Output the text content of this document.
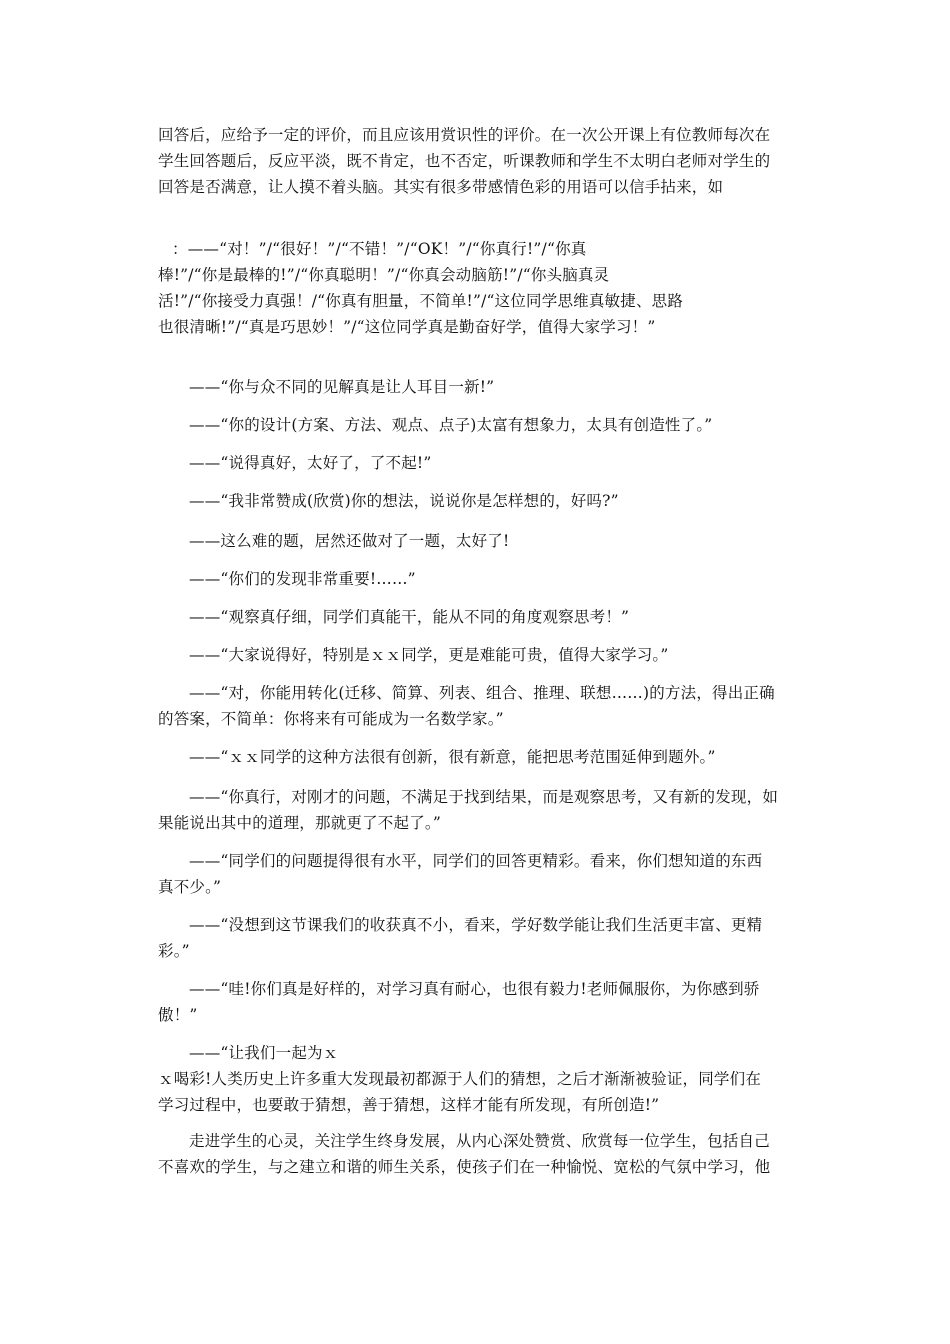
回答后，应给予一定的评价，而且应该用赏识性的评价。在一次公开课上有位教师每次在
学生回答题后，反应平淡，既不肯定，也不否定，听课教师和学生不太明白老师对学生的
回答是否满意，让人摸不着头脑。其实有很多带感情色彩的用语可以信手拈来，如
：——“对！”/“很好！”/“不错！”/“OK！”/“你真行!”/“你真
棒!”/“你是最棒的!”/“你真聪明！”/“你真会动脑筋!”/“你头脑真灵
活!”/“你接受力真强！/“你真有胆量，不简单!”/“这位同学思维真敏捷、思路
也很清晰!”/“真是巧思妙！”/“这位同学真是勤奋好学，值得大家学习！”
——“你与众不同的见解真是让人耳目一新!”
——“你的设计(方案、方法、观点、点子)太富有想象力，太具有创造性了。”
——“说得真好，太好了，了不起!”
——“我非常赞成(欣赏)你的想法，说说你是怎样想的，好吗?”
——这么难的题，居然还做对了一题，太好了!
——“你们的发现非常重要!……”
——“观察真仔细，同学们真能干，能从不同的角度观察思考！”
——“大家说得好，特别是ｘｘ同学，更是难能可贵，值得大家学习。”
——“对，你能用转化(迁移、简算、列表、组合、推理、联想……)的方法，得出正确
的答案，不简单：你将来有可能成为一名数学家。”
——“ｘｘ同学的这种方法很有创新，很有新意，能把思考范围延伸到题外。”
——“你真行，对刚才的问题，不满足于找到结果，而是观察思考，又有新的发现，如
果能说出其中的道理，那就更了不起了。”
——“同学们的问题提得很有水平，同学们的回答更精彩。看来，你们想知道的东西
真不少。”
——“没想到这节课我们的收获真不小，看来，学好数学能让我们生活更丰富、更精
彩。”
——“哇!你们真是好样的，对学习真有耐心，也很有毅力!老师佩服你，为你感到骄
傲！”
——“让我们一起为ｘ
ｘ喝彩!人类历史上许多重大发现最初都源于人们的猜想，之后才渐渐被验证，同学们在
学习过程中，也要敢于猜想，善于猜想，这样才能有所发现，有所创造!”
走进学生的心灵，关注学生终身发展，从内心深处赞赏、欣赏每一位学生，包括自己
不喜欢的学生，与之建立和谐的师生关系，使孩子们在一种愉悦、宽松的气氛中学习，他
